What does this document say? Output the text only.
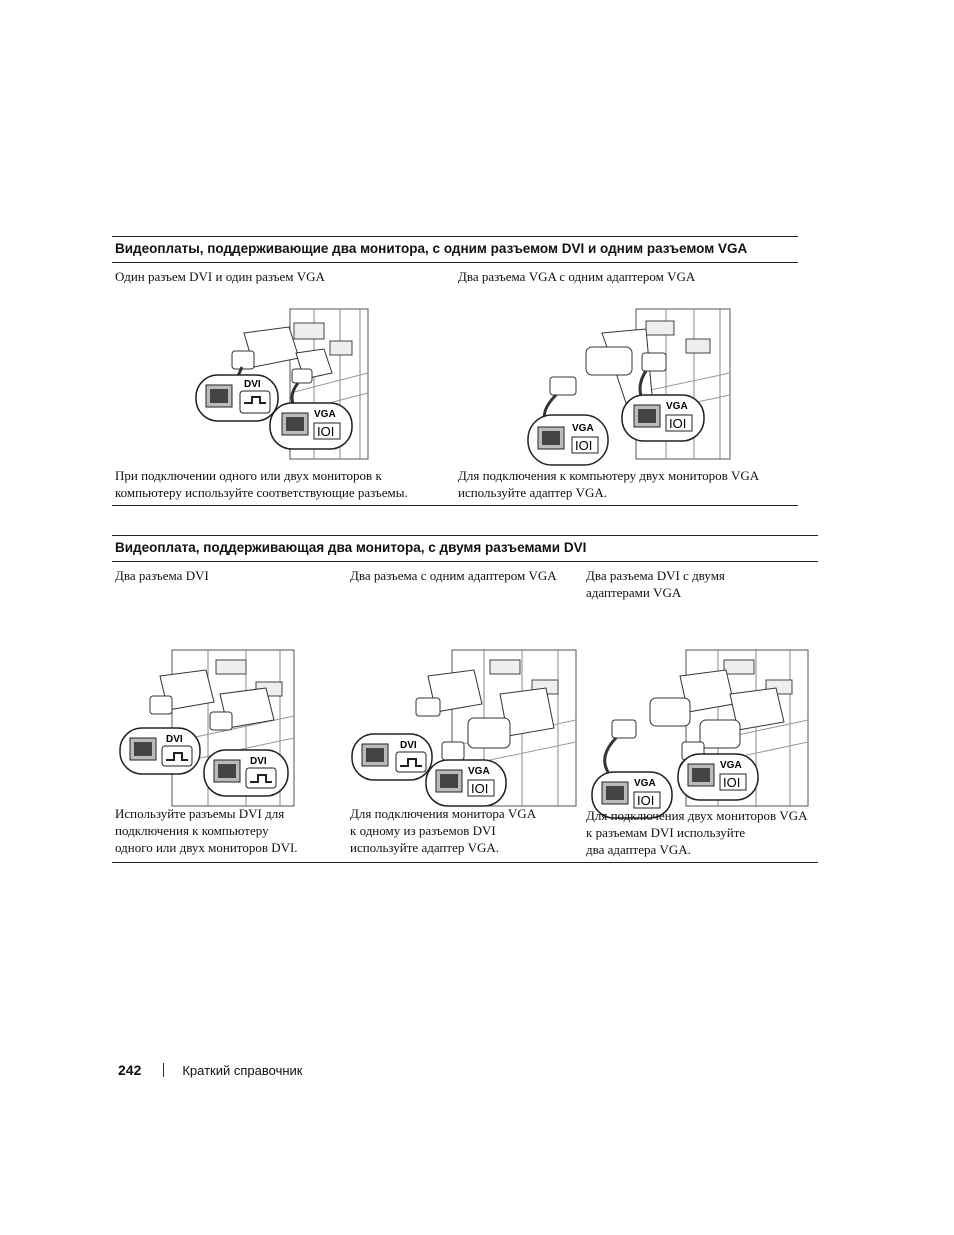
Видеоплаты, поддерживающие два монитора, с одним разъемом DVI и одним разъемом VGA

Один разъем DVI и один разъем VGA	Два разъема VGA с одним адаптером VGA

DVI
VGA
IOI	VGA
IOI
VGA
IOI

При подключении одного или двух мониторов к
компьютеру используйте соответствующие разъемы.

Для подключения к компьютеру двух мониторов VGA
используйте адаптер VGA.

Видеоплата, поддерживающая два монитора, с двумя разъемами DVI

Два разъема DVI	Два разъема с одним адаптером VGA Два разъема DVI с двумя
адаптерами VGA

DVI
DVI
DVI
VGA
IOI	VGA
IOI
VGA
IOI

Используйте разъемы DVI для
подключения к компьютеру
одного или двух мониторов DVI.

Для подключения монитора VGA
к одному из разъемов DVI
используйте адаптер VGA.

Для подключения двух мониторов VGA
к разъемам DVI используйте
два адаптера VGA.

242	Краткий справочник
